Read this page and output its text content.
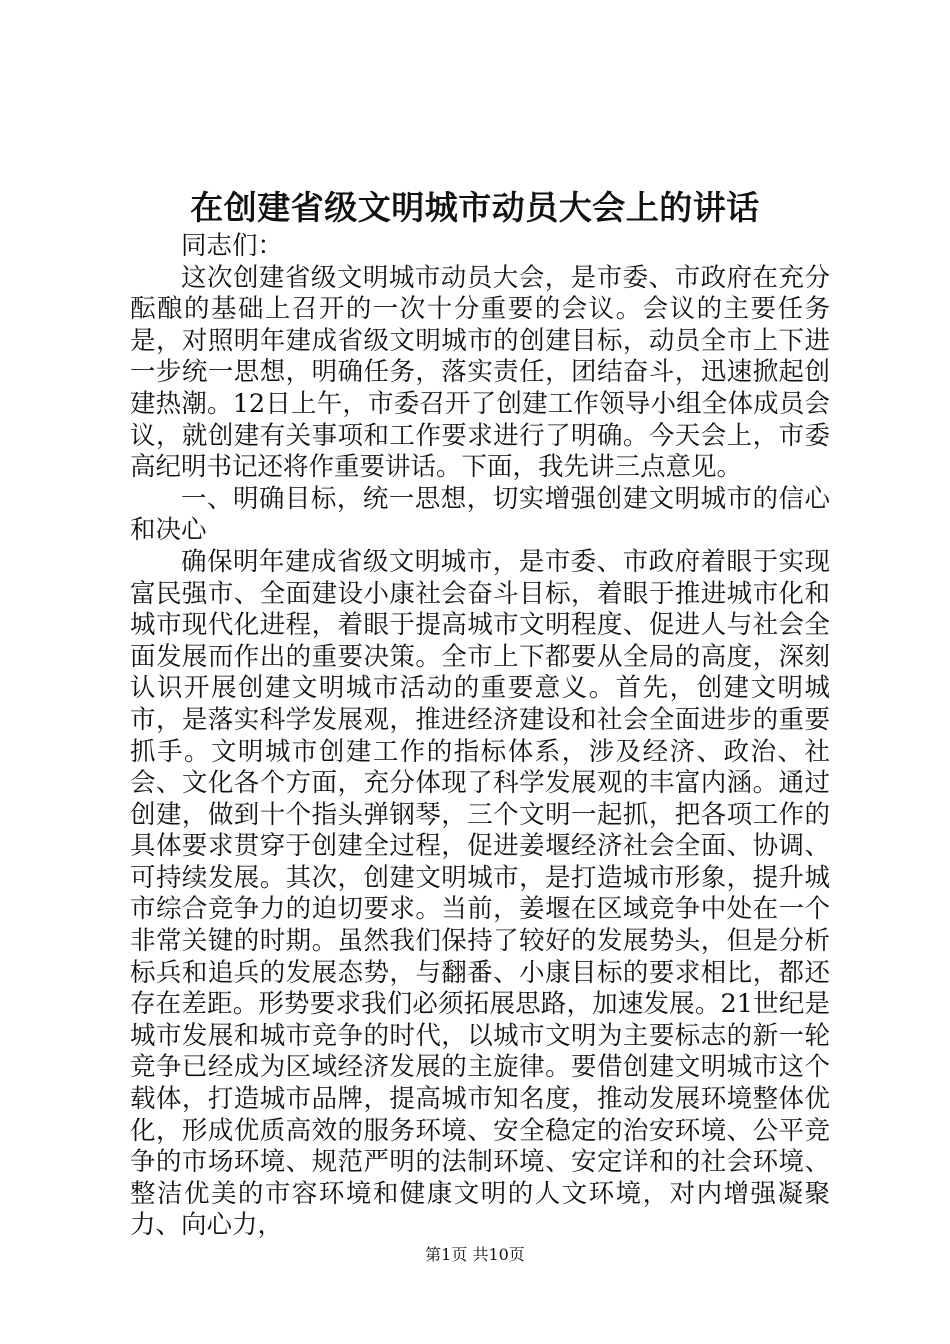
在创建省级文明城市动员大会上的讲话

同志们：

这次创建省级文明城市动员大会，是市委、市政府在充分酝酿的基础上召开的一次十分重要的会议。会议的主要任务是，对照明年建成省级文明城市的创建目标，动员全市上下进一步统一思想，明确任务，落实责任，团结奋斗，迅速掀起创建热潮。12日上午，市委召开了创建工作领导小组全体成员会议，就创建有关事项和工作要求进行了明确。今天会上，市委高纪明书记还将作重要讲话。下面，我先讲三点意见。

一、明确目标，统一思想，切实增强创建文明城市的信心和决心

确保明年建成省级文明城市，是市委、市政府着眼于实现富民强市、全面建设小康社会奋斗目标，着眼于推进城市化和城市现代化进程，着眼于提高城市文明程度、促进人与社会全面发展而作出的重要决策。全市上下都要从全局的高度，深刻认识开展创建文明城市活动的重要意义。首先，创建文明城市，是落实科学发展观，推进经济建设和社会全面进步的重要抓手。文明城市创建工作的指标体系，涉及经济、政治、社会、文化各个方面，充分体现了科学发展观的丰富内涵。通过创建，做到十个指头弹钢琴，三个文明一起抓，把各项工作的具体要求贯穿于创建全过程，促进姜堰经济社会全面、协调、可持续发展。其次，创建文明城市，是打造城市形象，提升城市综合竞争力的迫切要求。当前，姜堰在区域竞争中处在一个非常关键的时期。虽然我们保持了较好的发展势头，但是分析标兵和追兵的发展态势，与翻番、小康目标的要求相比，都还存在差距。形势要求我们必须拓展思路，加速发展。21世纪是城市发展和城市竞争的时代，以城市文明为主要标志的新一轮竞争已经成为区域经济发展的主旋律。要借创建文明城市这个载体，打造城市品牌，提高城市知名度，推动发展环境整体优化，形成优质高效的服务环境、安全稳定的治安环境、公平竞争的市场环境、规范严明的法制环境、安定详和的社会环境、整洁优美的市容环境和健康文明的人文环境，对内增强凝聚力、向心力，

第1页 共10页
